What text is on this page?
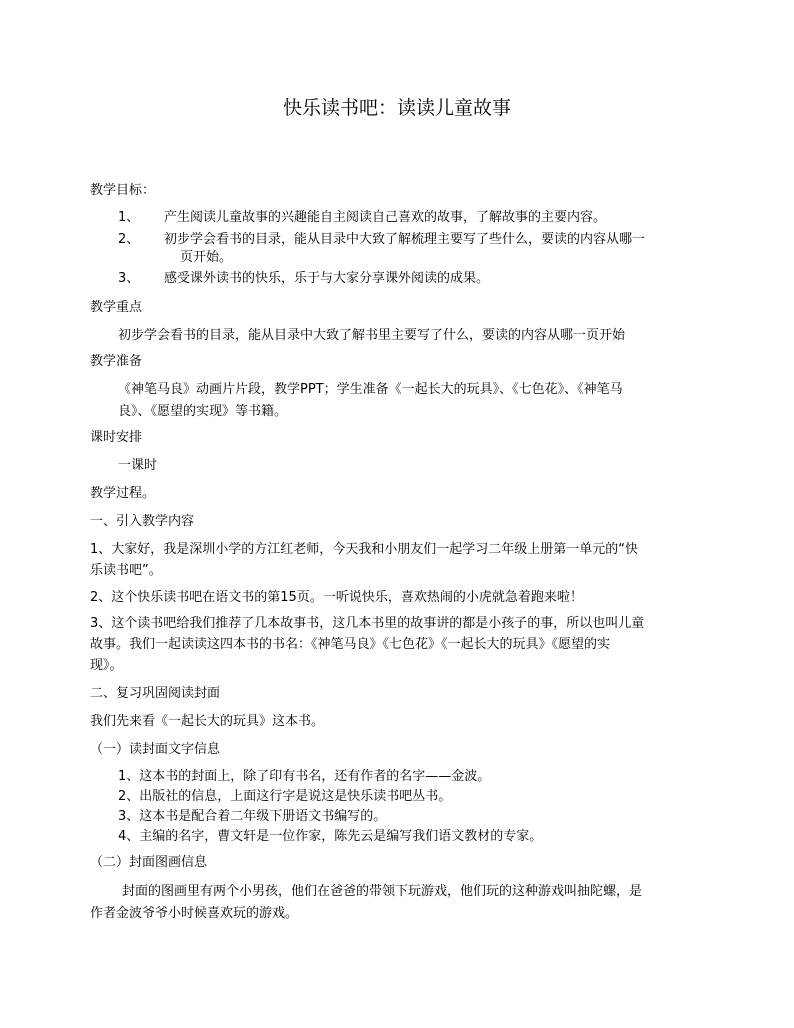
快乐读书吧：读读儿童故事
教学目标：
1、 产生阅读儿童故事的兴趣能自主阅读自己喜欢的故事，了解故事的主要内容。
2、 初步学会看书的目录，能从目录中大致了解梳理主要写了些什么，要读的内容从哪一
页开始。
3、 感受课外读书的快乐，乐于与大家分享课外阅读的成果。
教学重点
初步学会看书的目录，能从目录中大致了解书里主要写了什么，要读的内容从哪一页开始
教学准备
《神笔马良》动画片片段，教学PPT；学生准备《一起长大的玩具》、《七色花》、《神笔马
良》、《愿望的实现》等书籍。
课时安排
一课时
教学过程。
一、引入教学内容
1、大家好，我是深圳小学的方江红老师，今天我和小朋友们一起学习二年级上册第一单元的“快
乐读书吧”。
2、这个快乐读书吧在语文书的第15页。一听说快乐，喜欢热闹的小虎就急着跑来啦！
3、这个读书吧给我们推荐了几本故事书，这几本书里的故事讲的都是小孩子的事，所以也叫儿童
故事。我们一起读读这四本书的书名：《神笔马良》《七色花》《一起长大的玩具》《愿望的实
现》。
二、复习巩固阅读封面
我们先来看《一起长大的玩具》这本书。
（一）读封面文字信息
1、这本书的封面上，除了印有书名，还有作者的名字——金波。
2、出版社的信息，上面这行字是说这是快乐读书吧丛书。
3、这本书是配合着二年级下册语文书编写的。
4、主编的名字，曹文轩是一位作家，陈先云是编写我们语文教材的专家。
（二）封面图画信息
封面的图画里有两个小男孩，他们在爸爸的带领下玩游戏，他们玩的这种游戏叫抽陀螺，是
作者金波爷爷小时候喜欢玩的游戏。
